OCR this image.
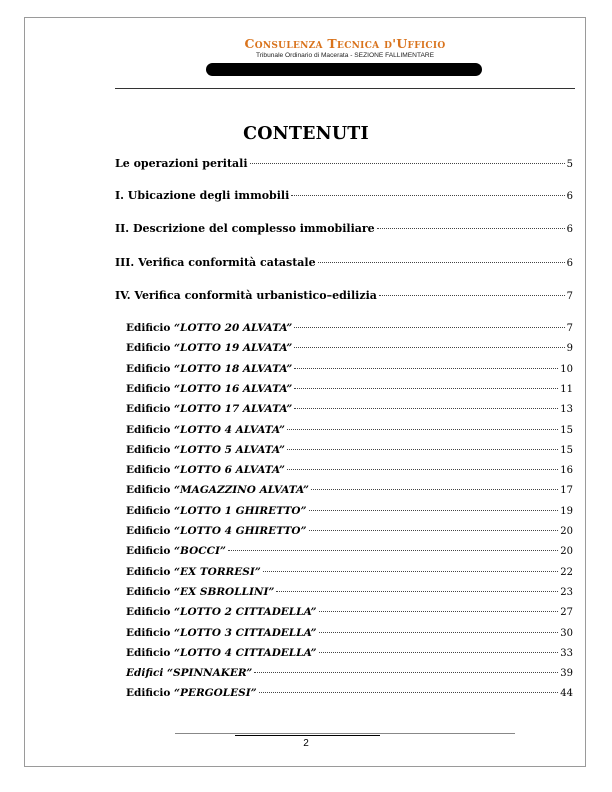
Consulenza Tecnica d'Ufficio
Tribunale Ordinario di Macerata - SEZIONE FALLIMENTARE
CONTENUTI
Le operazioni peritali	5
I. Ubicazione degli immobili	6
II. Descrizione del complesso immobiliare	6
III. Verifica conformità catastale	6
IV. Verifica conformità urbanistico–edilizia	7
Edificio “LOTTO 20 ALVATA”	7
Edificio “LOTTO 19 ALVATA”	9
Edificio “LOTTO 18 ALVATA”	10
Edificio “LOTTO 16 ALVATA”	11
Edificio “LOTTO 17 ALVATA”	13
Edificio “LOTTO 4 ALVATA”	15
Edificio “LOTTO 5 ALVATA”	15
Edificio “LOTTO 6 ALVATA”	16
Edificio “MAGAZZINO ALVATA”	17
Edificio “LOTTO 1 GHIRETTO”	19
Edificio “LOTTO 4 GHIRETTO”	20
Edificio “BOCCI”	20
Edificio “EX TORRESI”	22
Edificio “EX SBROLLINI”	23
Edificio “LOTTO 2 CITTADELLA”	27
Edificio “LOTTO 3 CITTADELLA”	30
Edificio “LOTTO 4 CITTADELLA”	33
Edifici “SPINNAKER”	39
Edificio “PERGOLESI”	44
2
